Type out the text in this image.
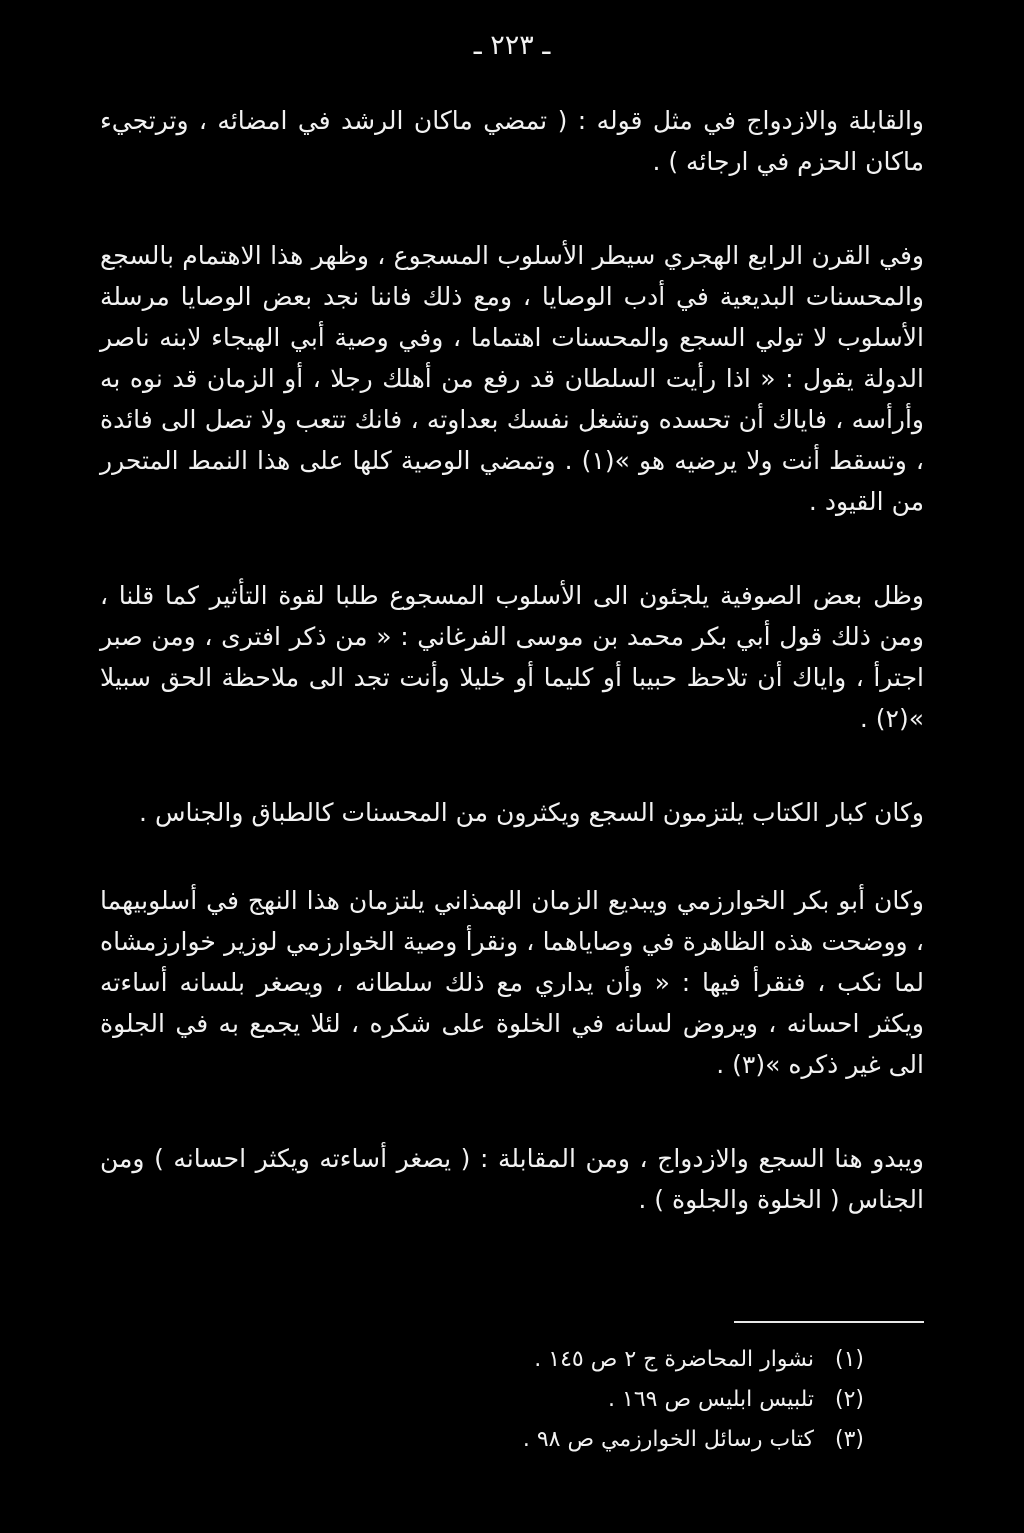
ـ ٢٢٣ ـ

والقابلة والازدواج في مثل قوله : ( تمضي ماكان الرشد في امضائه ، وترتجيء ماكان الحزم في ارجائه ) .

وفي القرن الرابع الهجري سيطر الأسلوب المسجوع ، وظهر هذا الاهتمام بالسجع والمحسنات البديعية في أدب الوصايا ، ومع ذلك فاننا نجد بعض الوصايا مرسلة الأسلوب لا تولي السجع والمحسنات اهتماما ، وفي وصية أبي الهيجاء لابنه ناصر الدولة يقول : « اذا رأيت السلطان قد رفع من أهلك رجلا ، أو الزمان قد نوه به وأرأسه ، فاياك أن تحسده وتشغل نفسك بعداوته ، فانك تتعب ولا تصل الى فائدة ، وتسقط أنت ولا يرضيه هو »(١) . وتمضي الوصية كلها على هذا النمط المتحرر من القيود .

وظل بعض الصوفية يلجئون الى الأسلوب المسجوع طلبا لقوة التأثير كما قلنا ، ومن ذلك قول أبي بكر محمد بن موسى الفرغاني : « من ذكر افترى ، ومن صبر اجترأ ، واياك أن تلاحظ حبيبا أو كليما أو خليلا وأنت تجد الى ملاحظة الحق سبيلا »(٢) .

وكان كبار الكتاب يلتزمون السجع ويكثرون من المحسنات كالطباق والجناس .

وكان أبو بكر الخوارزمي ويبديع الزمان الهمذاني يلتزمان هذا النهج في أسلوبيهما ، ووضحت هذه الظاهرة في وصاياهما ، ونقرأ وصية الخوارزمي لوزير خوارزمشاه لما نكب ، فنقرأ فيها : « وأن يداري مع ذلك سلطانه ، ويصغر بلسانه أساءته ويكثر احسانه ، ويروض لسانه في الخلوة على شكره ، لئلا يجمع به في الجلوة الى غير ذكره »(٣) .

ويبدو هنا السجع والازدواج ، ومن المقابلة : ( يصغر أساءته ويكثر احسانه ) ومن الجناس ( الخلوة والجلوة ) .

(١) نشوار المحاضرة ج ٢ ص ١٤٥ .
(٢) تلبيس ابليس ص ١٦٩ .
(٣) كتاب رسائل الخوارزمي ص ٩٨ .
